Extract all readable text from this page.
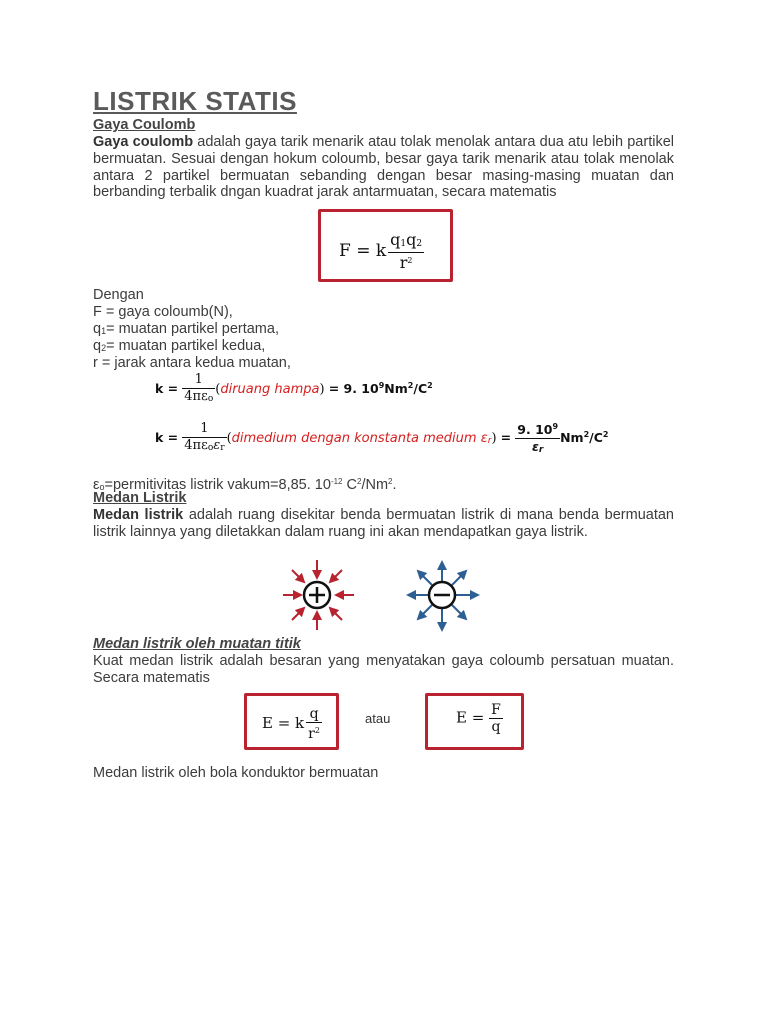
LISTRIK STATIS
Gaya Coulomb

Gaya coulomb adalah gaya tarik menarik atau tolak menolak antara dua atu lebih partikel bermuatan. Sesuai dengan hokum coloumb, besar gaya tarik menarik atau tolak menolak antara 2 partikel bermuatan sebanding dengan besar masing-masing muatan dan berbanding terbalik dngan kuadrat jarak antarmuatan, secara matematis

F = k $\frac{q1q2}{r^2}$

Dengan

F = gaya coloumb(N),

q1= muatan partikel pertama,

q2= muatan partikel kedua,

r = jarak antara kedua muatan,

$k = \frac{1}{\text{4πεo}}$ (diruang hampa) = 9. $10^9Nm^2/C^2$
$k = \frac{1}{\text{4πεoεr}}$ (dimedium dengan konstanta medium $\varepsilon r) = \frac{9. 10^9}{\varepsilon r} Nm^2/C^2$

εo=permitivitas listrik vakum=8,85. $10^{-12}$ $C^2/Nm^2$.

Medan Listrik

Medan listrik adalah ruang disekitar benda bermuatan listrik di mana benda bermuatan listrik lainnya yang diletakkan dalam ruang ini akan mendapatkan gaya listrik.

Medan listrik oleh muatan titik

Kuat medan listrik adalah besaran yang menyatakan gaya coloumb persatuan muatan. Secara matematis

E = k $\frac{q}{r^2}$	atau	$E = \frac{F}{q}$

Medan listrik oleh bola konduktor bermuatan
